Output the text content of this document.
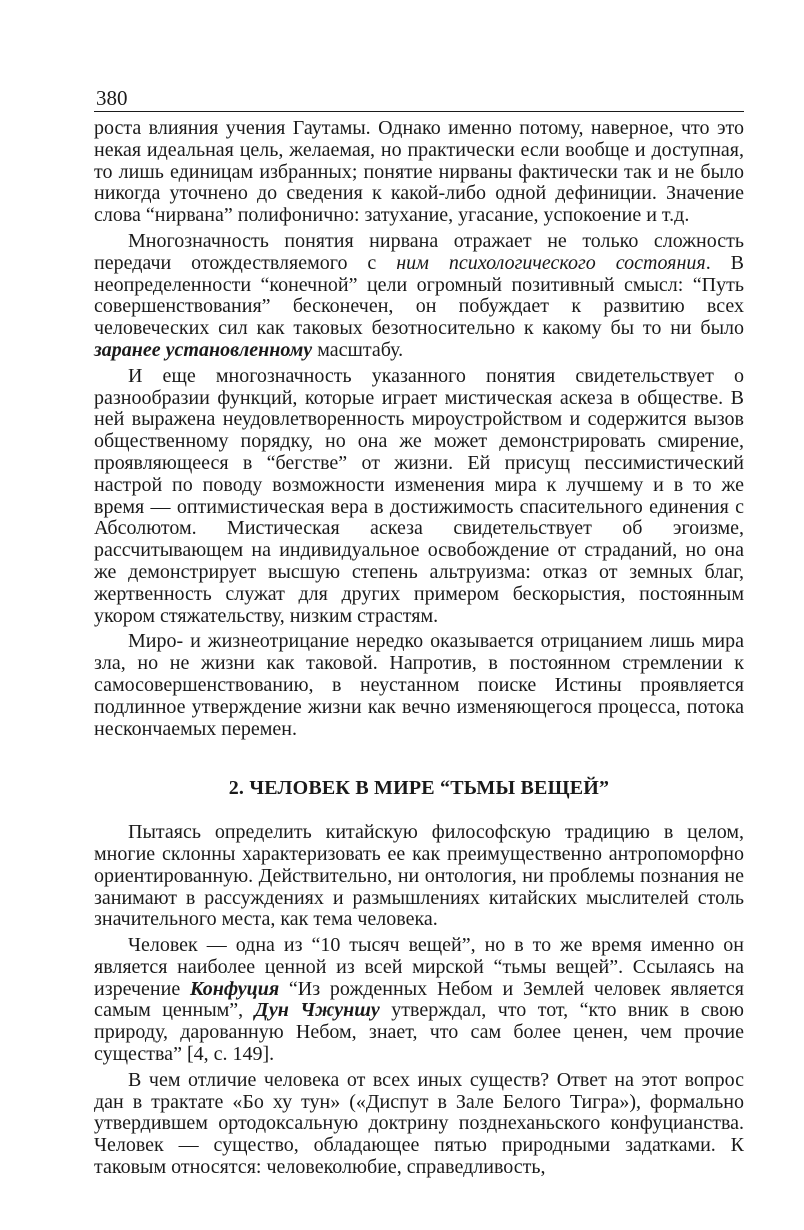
380

роста влияния учения Гаутамы. Однако именно потому, наверное, что это некая идеальная цель, желаемая, но практически если вообще и доступная, то лишь единицам избранных; понятие нирваны фактически так и не было никогда уточнено до сведения к какой-либо одной дефиниции. Значение слова “нирвана” полифонично: затухание, угасание, успокоение и т.д.

Многозначность понятия нирвана отражает не только сложность передачи отождествляемого с ним психологического состояния. В неопределенности “конечной” цели огромный позитивный смысл: “Путь совершенствования” бесконечен, он побуждает к развитию всех человеческих сил как таковых безотносительно к какому бы то ни было заранее установленному масштабу.

И еще многозначность указанного понятия свидетельствует о разнообразии функций, которые играет мистическая аскеза в обществе. В ней выражена неудовлетворенность мироустройством и содержится вызов общественному порядку, но она же может демонстрировать смирение, проявляющееся в “бегстве” от жизни. Ей присущ пессимистический настрой по поводу возможности изменения мира к лучшему и в то же время — оптимистическая вера в достижимость спасительного единения с Абсолютом. Мистическая аскеза свидетельствует об эгоизме, рассчитывающем на индивидуальное освобождение от страданий, но она же демонстрирует высшую степень альтруизма: отказ от земных благ, жертвенность служат для других примером бескорыстия, постоянным укором стяжательству, низким страстям.

Миро- и жизнеотрицание нередко оказывается отрицанием лишь мира зла, но не жизни как таковой. Напротив, в постоянном стремлении к самосовершенствованию, в неустанном поиске Истины проявляется подлинное утверждение жизни как вечно изменяющегося процесса, потока нескончаемых перемен.

2. ЧЕЛОВЕК В МИРЕ “ТЬМЫ ВЕЩЕЙ”

Пытаясь определить китайскую философскую традицию в целом, многие склонны характеризовать ее как преимущественно антропоморфно ориентированную. Действительно, ни онтология, ни проблемы познания не занимают в рассуждениях и размышлениях китайских мыслителей столь значительного места, как тема человека.

Человек — одна из “10 тысяч вещей”, но в то же время именно он является наиболее ценной из всей мирской “тьмы вещей”. Ссылаясь на изречение Конфуция “Из рожденных Небом и Землей человек является самым ценным”, Дун Чжуншу утверждал, что тот, “кто вник в свою природу, дарованную Небом, знает, что сам более ценен, чем прочие существа” [4, с. 149].

В чем отличие человека от всех иных существ? Ответ на этот вопрос дан в трактате «Бо ху тун» («Диспут в Зале Белого Тигра»), формально утвердившем ортодоксальную доктрину позднеханьского конфуцианства. Человек — существо, обладающее пятью природными задатками. К таковым относятся: человеколюбие, справедливость,
